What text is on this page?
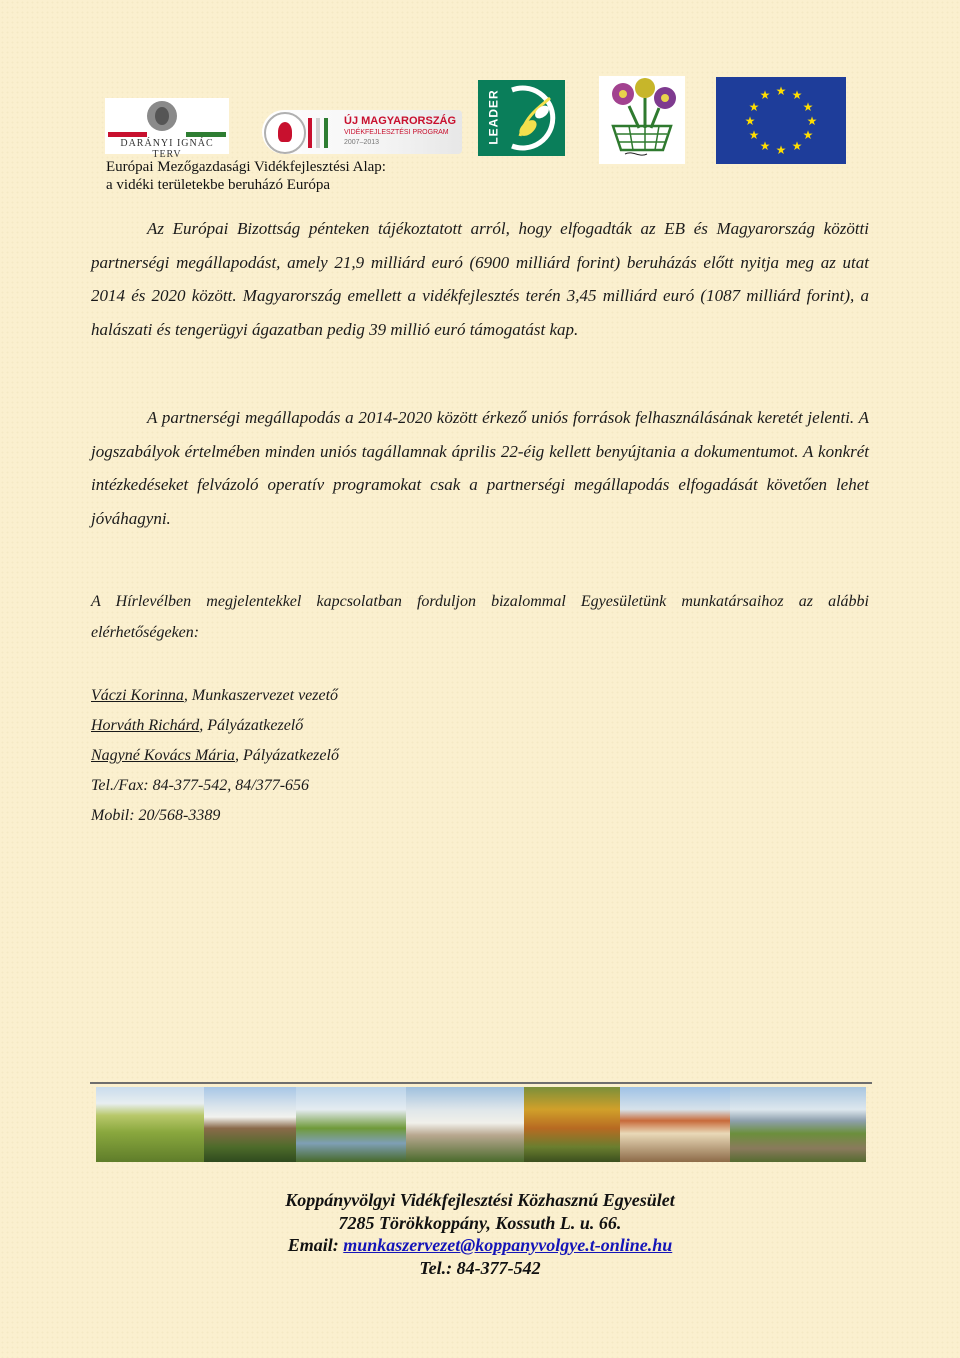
DARÁNYI IGNÁC TERV
ÚJ MAGYARORSZÁG
VIDÉKFEJLESZTÉSI PROGRAM
2007–2013	LEADER	★ ★
★
★
★
★
★
★
★
★
★
★
Európai Mezőgazdasági Vidékfejlesztési Alap:
a vidéki területekbe beruházó Európa
Az Európai Bizottság pénteken tájékoztatott arról, hogy elfogadták az EB és Magyarország közötti partnerségi megállapodást, amely 21,9 milliárd euró (6900 milliárd forint) beruházás előtt nyitja meg az utat 2014 és 2020 között. Magyarország emellett a vidékfejlesztés terén 3,45 milliárd euró (1087 milliárd forint), a halászati és tengerügyi ágazatban pedig 39 millió euró támogatást kap.
A partnerségi megállapodás a 2014-2020 között érkező uniós források felhasználásának keretét jelenti. A jogszabályok értelmében minden uniós tagállamnak április 22-éig kellett benyújtania a dokumentumot. A konkrét intézkedéseket felvázoló operatív programokat csak a partnerségi megállapodás elfogadását követően lehet jóváhagyni.
A Hírlevélben megjelentekkel kapcsolatban forduljon bizalommal Egyesületünk munkatársaihoz az alábbi elérhetőségeken:
Váczi Korinna, Munkaszervezet vezető
Horváth Richárd, Pályázatkezelő
Nagyné Kovács Mária, Pályázatkezelő
Tel./Fax: 84-377-542, 84/377-656
Mobil: 20/568-3389
Koppányvölgyi Vidékfejlesztési Közhasznú Egyesület
7285 Törökkoppány, Kossuth L. u. 66.
Email: munkaszervezet@koppanyvolgye.t-online.hu
Tel.: 84-377-542
